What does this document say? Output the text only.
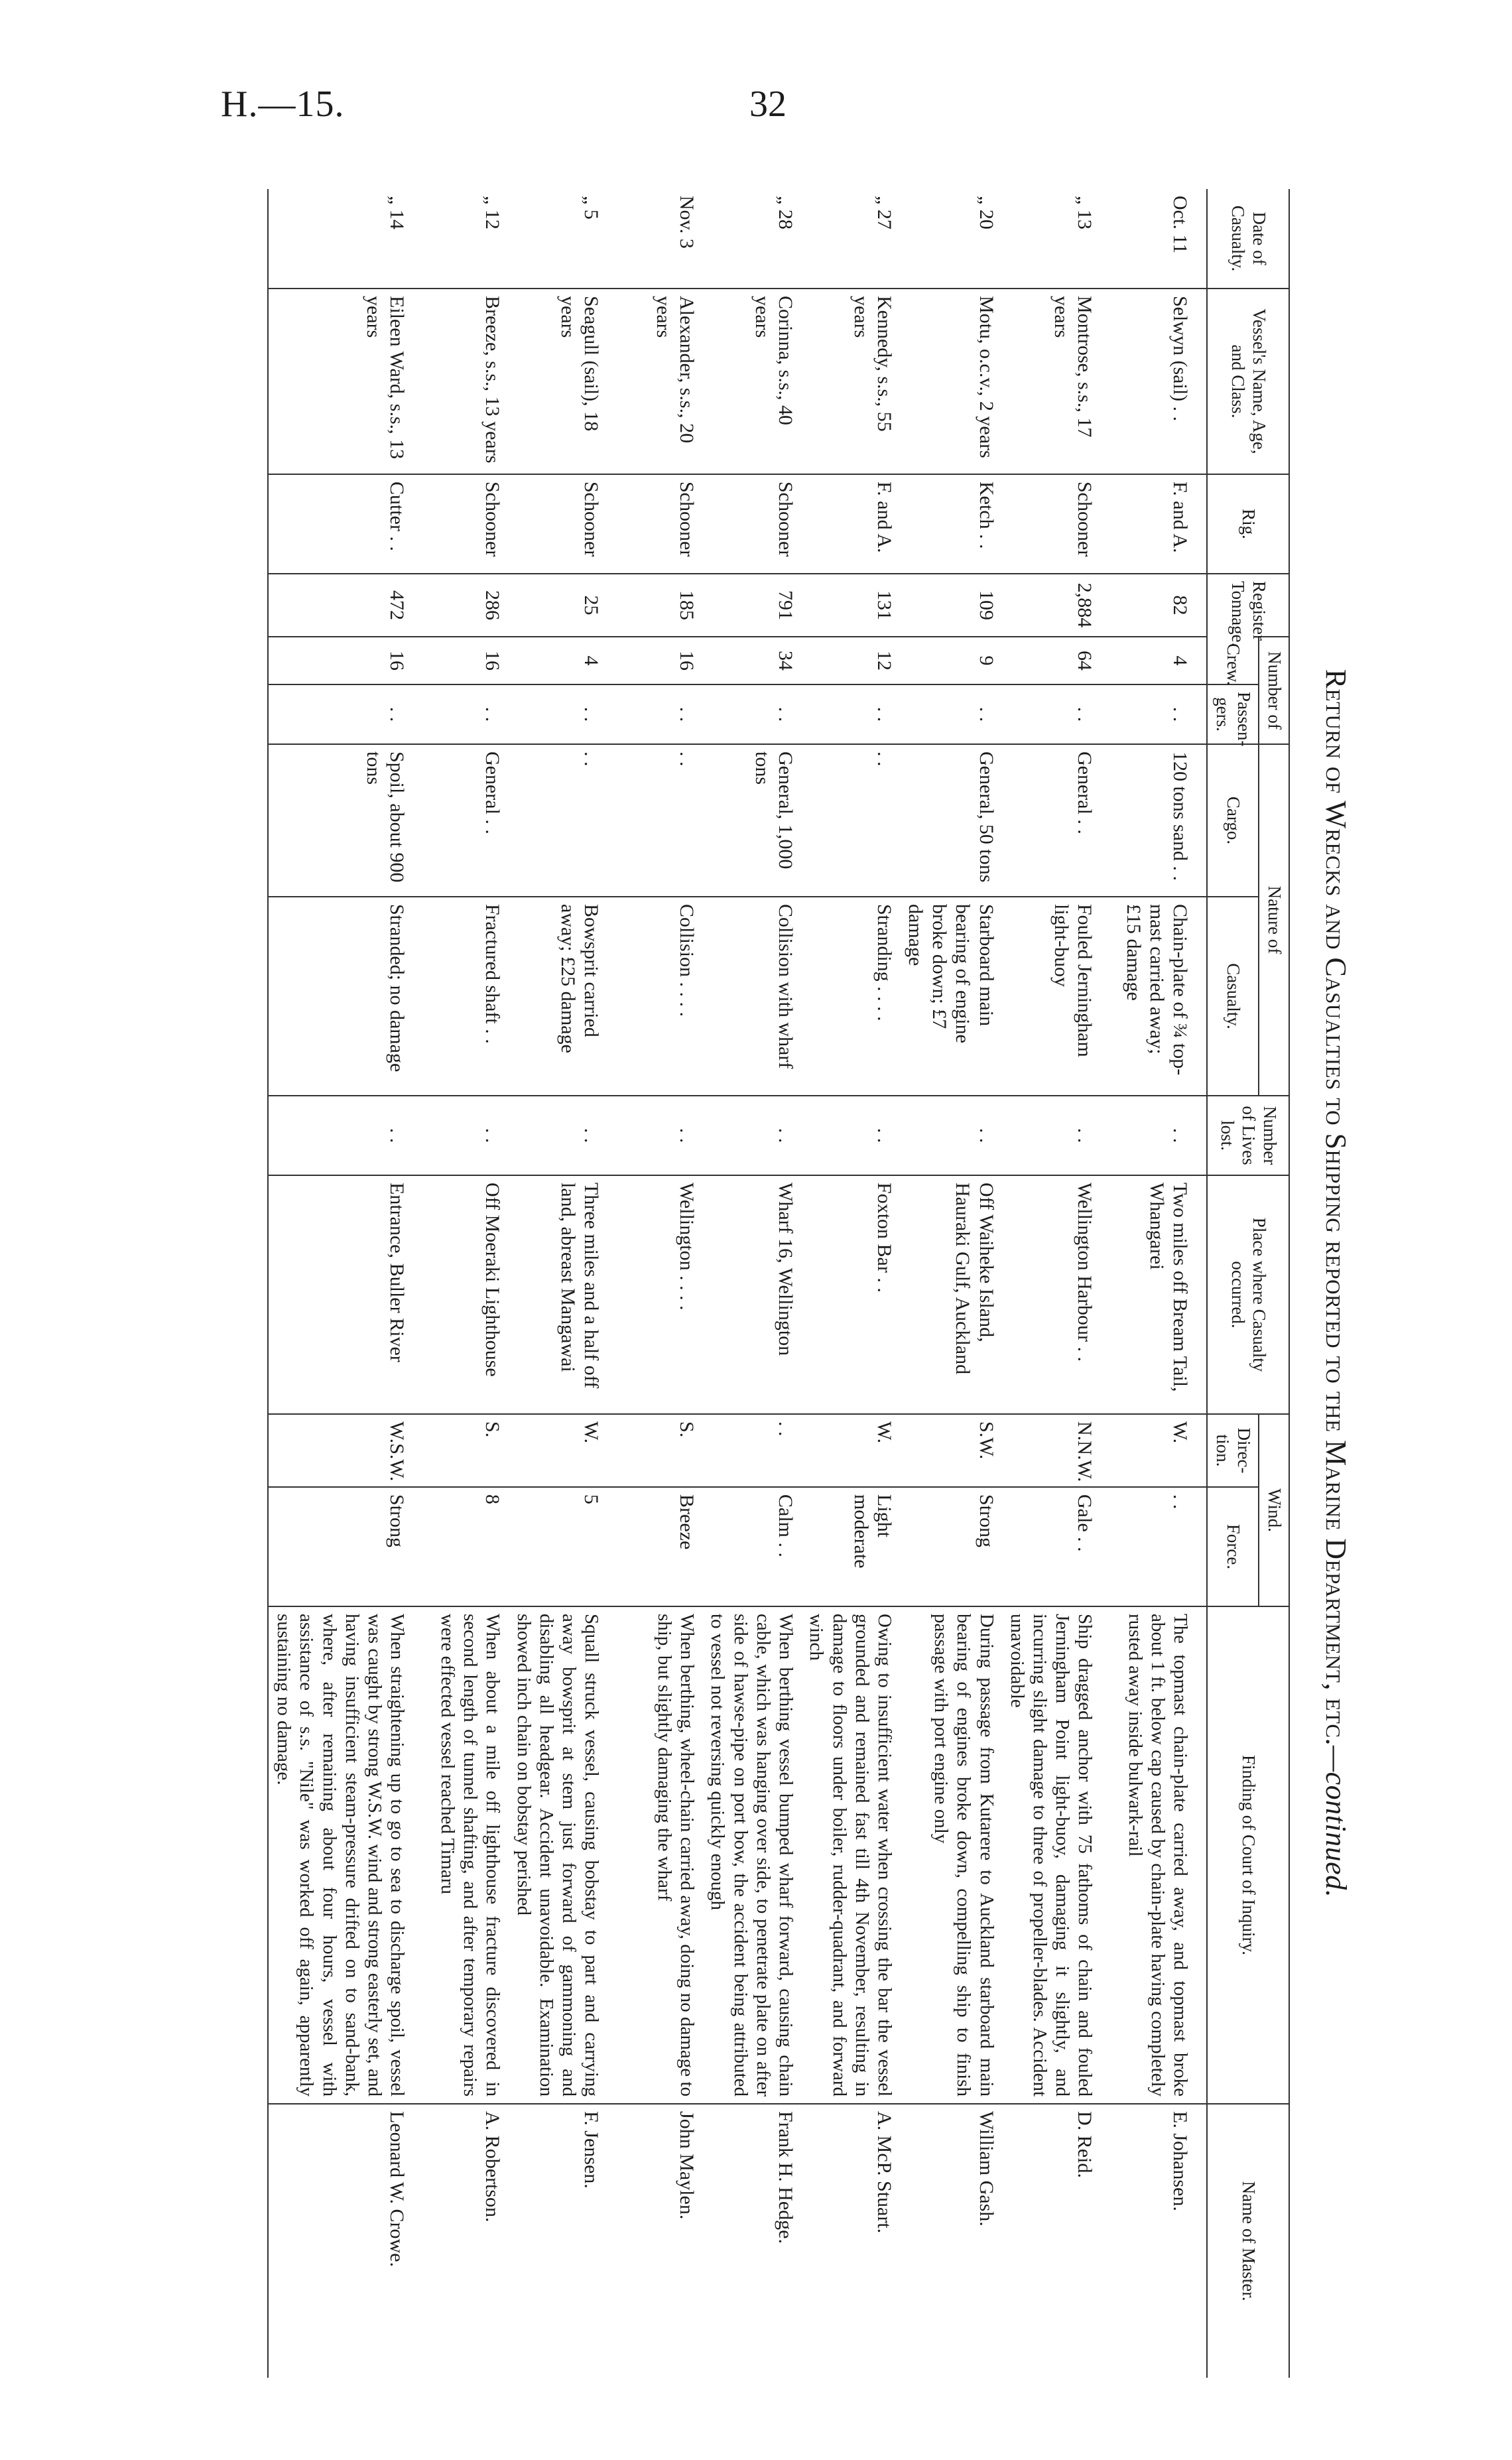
H.—15.	32
Return of Wrecks and Casualties to Shipping reported to the Marine Department, etc.—continued.
Date of Casualty.	Vessel's Name, Age, and Class.	Rig.	Register Tonnage.	Number of		Nature of		Number of Lives lost.	Place where Casualty occurred.	Wind.		Finding of Court of Inquiry.	Name of Master.
				Crew.	Passen-gers.	Cargo.	Casualty.			Direc-tion.	Force.		
Oct. 11	Selwyn (sail) . .	F. and A.	82	4	. .	120 tons sand . .	Chain-plate of ¾ top-mast carried away; £15 damage	. .	Two miles off Bream Tail, Whangarei	W.	. .	The topmast chain-plate carried away, and topmast broke about 1 ft. below cap caused by chain-plate having completely rusted away inside bulwark-rail	E. Johansen.
„ 13	Montrose, s.s., 17 years	Schooner	2,884	64	. .	General . .	Fouled Jerningham light-buoy	. .	Wellington Harbour . .	N.N.W.	Gale . .	Ship dragged anchor with 75 fathoms of chain and fouled Jerningham Point light-buoy, damaging it slightly, and incurring slight damage to three of propeller-blades. Accident unavoidable	D. Reid.
„ 20	Motu, o.c.v., 2 years	Ketch . .	109	9	. .	General, 50 tons	Starboard main bearing of engine broke down; £7 damage	. .	Off Waiheke Island, Hauraki Gulf, Auckland	S.W.	Strong	During passage from Kutarere to Auckland starboard main bearing of engines broke down, compelling ship to finish passage with port engine only	William Gash.
„ 27	Kennedy, s.s., 55 years	F. and A.	131	12	. .	. .	Stranding . . . .	. .	Foxton Bar . .	W.	Light moderate	Owing to insufficient water when crossing the bar the vessel grounded and remained fast till 4th November, resulting in damage to floors under boiler, rudder-quadrant, and forward winch	A. McP. Stuart.
„ 28	Corinna, s.s., 40 years	Schooner	791	34	. .	General, 1,000 tons	Collision with wharf	. .	Wharf 16, Wellington	. .	Calm . .	When berthing vessel bumped wharf forward, causing chain cable, which was hanging over side, to penetrate plate on after side of hawse-pipe on port bow, the accident being attributed to vessel not reversing quickly enough	Frank H. Hedge.
Nov. 3	Alexander, s.s., 20 years	Schooner	185	16	. .	. .	Collision . . . .	. .	Wellington . . . .	S.	Breeze	When berthing, wheel-chain carried away, doing no damage to ship, but slightly damaging the wharf	John Maylen.
„ 5	Seagull (sail), 18 years	Schooner	25	4	. .	. .	Bowsprit carried away; £25 damage	. .	Three miles and a half off land, abreast Mangawai	W.	5	Squall struck vessel, causing bobstay to part and carrying away bowsprit at stem just forward of gammoning and disabling all headgear. Accident unavoidable. Examination showed inch chain on bobstay perished	F. Jensen.
„ 12	Breeze, s.s., 13 years	Schooner	286	16	. .	General . .	Fractured shaft . .	. .	Off Moeraki Lighthouse	S.	8	When about a mile off lighthouse fracture discovered in second length of tunnel shafting, and after temporary repairs were effected vessel reached Timaru	A. Robertson.
„ 14	Eileen Ward, s.s., 13 years	Cutter . .	472	16	. .	Spoil, about 900 tons	Stranded; no damage	. .	Entrance, Buller River	W.S.W.	Strong	When straightening up to go to sea to discharge spoil, vessel was caught by strong W.S.W. wind and strong easterly set, and having insufficient steam-pressure drifted on to sand-bank, where, after remaining about four hours, vessel with assistance of s.s. "Nile" was worked off again, apparently sustaining no damage.	Leonard W. Crowe.
